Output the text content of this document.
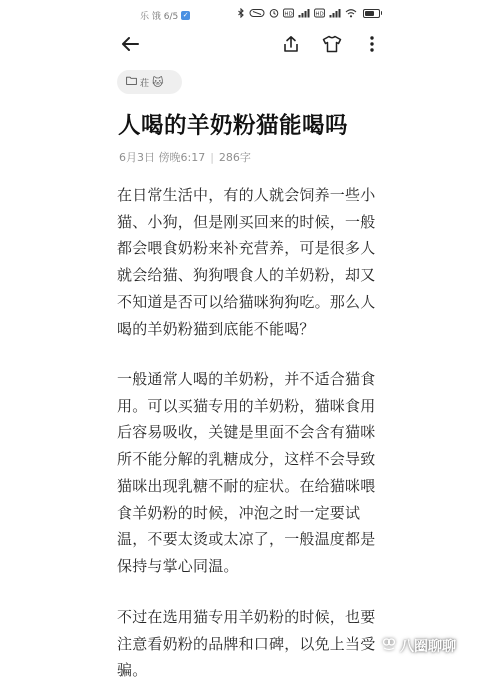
乐 饿 6/5 ✓	HD	HD
荘 🐱
人喝的羊奶粉猫能喝吗
6月3日 傍晚6:17 | 286字
在日常生活中，有的人就会饲养一些小猫、小狗，但是刚买回来的时候，一般都会喂食奶粉来补充营养，可是很多人就会给猫、狗狗喂食人的羊奶粉，却又不知道是否可以给猫咪狗狗吃。那么人喝的羊奶粉猫到底能不能喝？
一般通常人喝的羊奶粉，并不适合猫食用。可以买猫专用的羊奶粉，猫咪食用后容易吸收，关键是里面不会含有猫咪所不能分解的乳糖成分，这样不会导致猫咪出现乳糖不耐的症状。在给猫咪喂食羊奶粉的时候，冲泡之时一定要试温，不要太烫或太凉了，一般温度都是保持与掌心同温。
不过在选用猫专用羊奶粉的时候，也要注意看奶粉的品牌和口碑，以免上当受骗。
八圈聊聊
